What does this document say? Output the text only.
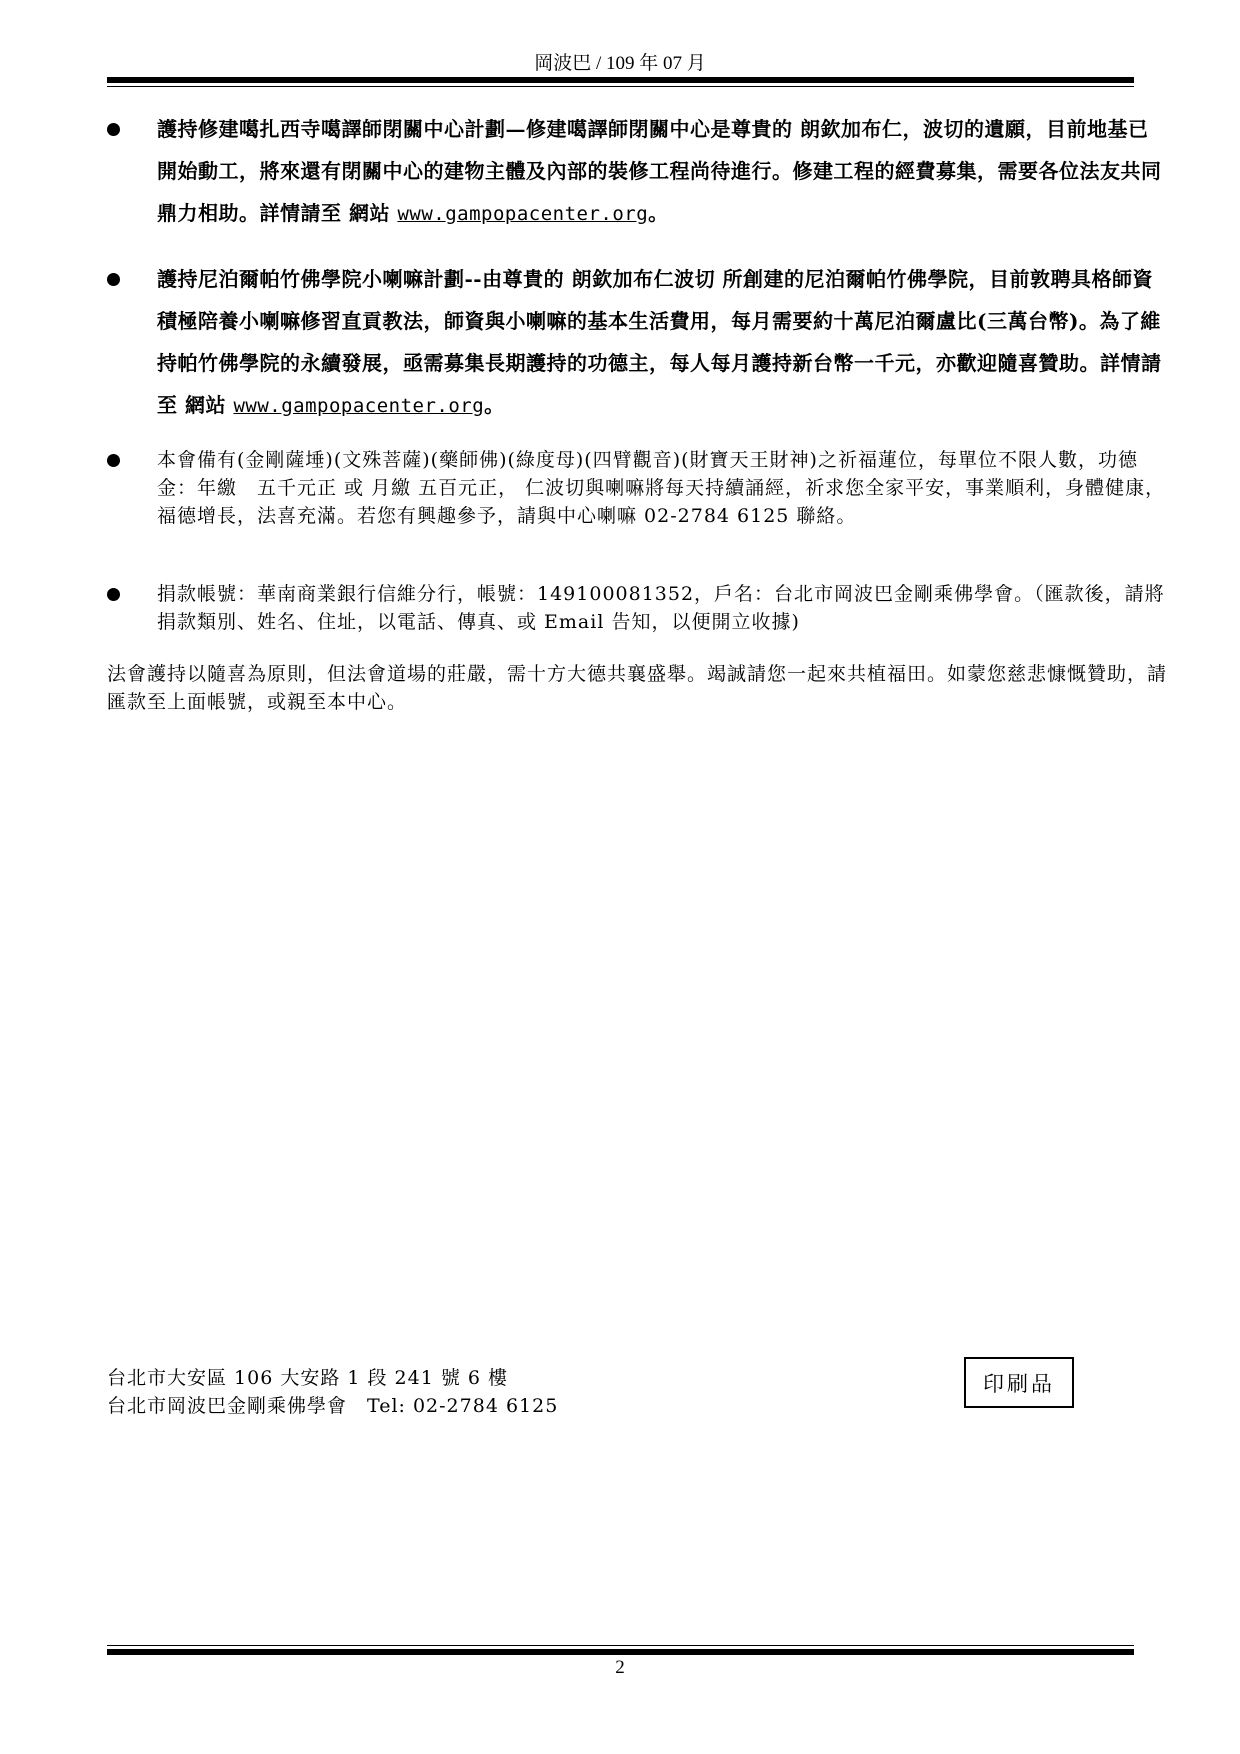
岡波巴 / 109 年 07 月

護持修建噶扎西寺噶譯師閉關中心計劃—修建噶譯師閉關中心是尊貴的 朗欽加布仁，波切的遺願，目前地基已開始動工，將來還有閉關中心的建物主體及內部的裝修工程尚待進行。修建工程的經費募集，需要各位法友共同鼎力相助。詳情請至 網站 www.gampopacenter.org。

護持尼泊爾帕竹佛學院小喇嘛計劃--由尊貴的 朗欽加布仁波切 所創建的尼泊爾帕竹佛學院，目前敦聘具格師資積極陪養小喇嘛修習直貢教法，師資與小喇嘛的基本生活費用，每月需要約十萬尼泊爾盧比(三萬台幣)。為了維持帕竹佛學院的永續發展，亟需募集長期護持的功德主，每人每月護持新台幣一千元，亦歡迎隨喜贊助。詳情請至 網站 www.gampopacenter.org。

本會備有(金剛薩埵)(文殊菩薩)(藥師佛)(綠度母)(四臂觀音)(財寶天王財神)之祈福蓮位，每單位不限人數，功德金：年繳　五千元正 或 月繳 五百元正， 仁波切與喇嘛將每天持續誦經，祈求您全家平安，事業順利，身體健康，福德增長，法喜充滿。若您有興趣參予，請與中心喇嘛 02-2784 6125 聯絡。

捐款帳號：華南商業銀行信維分行，帳號：149100081352，戶名：台北市岡波巴金剛乘佛學會。（匯款後，請將捐款類別、姓名、住址，以電話、傳真、或 Email 告知，以便開立收據)

法會護持以隨喜為原則，但法會道場的莊嚴，需十方大德共襄盛舉。竭誠請您一起來共植福田。如蒙您慈悲慷慨贊助，請匯款至上面帳號，或親至本中心。

台北市大安區 106 大安路 1 段 241 號 6 樓
台北市岡波巴金剛乘佛學會　Tel: 02-2784 6125
印刷品
2
